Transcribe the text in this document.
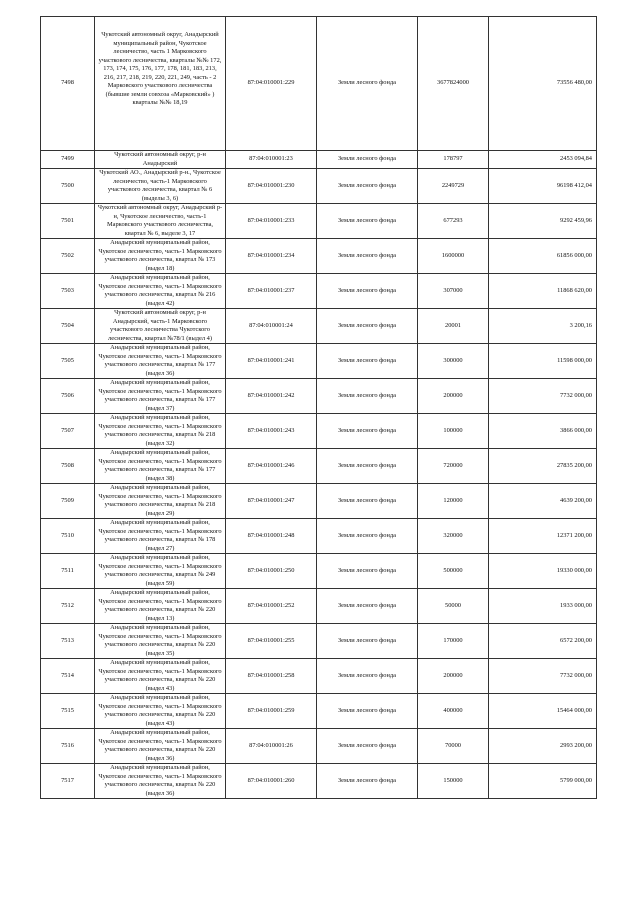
7498	Чукотский автономный округ, Анадырский муниципальный район, Чукотское лесничество, часть 1 Марковского участкового лесничества, кварталы №№ 172, 173, 174, 175, 176, 177, 178, 181, 183, 213, 216, 217, 218, 219, 220, 221, 249, часть - 2 Марковского участкового лесничества (бывшие земли совхоза «Марковский» ) кварталы №№ 18,19	87:04:010001:229	Земли лесного фонда	3677824000	73556 480,00
7499	Чукотский автономный округ, р-н Анадырский	87:04:010001:23	Земли лесного фонда	178797	2453 094,84
7500	Чукотский АО., Анадырский р-н., Чукотское лесничество, часть-1 Марковского участкового лесничества, квартал № 6 (выделы 3, 6)	87:04:010001:230	Земли лесного фонда	2249729	96198 412,04
7501	Чукотский автономный округ, Анадырский р-н, Чукотское лесничество, часть-1 Марковского участкового лесничества, квартал № 6, выделе 3, 17	87:04:010001:233	Земли лесного фонда	677293	9292 459,96
7502	Анадырский муниципальный район, Чукотское лесничество, часть-1 Марковского участкового лесничества, квартал № 173 (выдел 18)	87:04:010001:234	Земли лесного фонда	1600000	61856 000,00
7503	Анадырский муниципальный район, Чукотское лесничество, часть-1 Марковского участкового лесничества, квартал № 216 (выдел 42)	87:04:010001:237	Земли лесного фонда	307000	11868 620,00
7504	Чукотский автономный округ, р-н Анадырский, часть-1 Марковского участкового лесничества Чукотского лесничества, квартал №78/1 (выдел 4)	87:04:010001:24	Земли лесного фонда	20001	3 200,16
7505	Анадырский муниципальный район, Чукотское лесничество, часть-1 Марковского участкового лесничества, квартал № 177 (выдел 36)	87:04:010001:241	Земли лесного фонда	300000	11598 000,00
7506	Анадырский муниципальный район, Чукотское лесничество, часть-1 Марковского участкового лесничества, квартал № 177 (выдел 37)	87:04:010001:242	Земли лесного фонда	200000	7732 000,00
7507	Анадырский муниципальный район, Чукотское лесничество, часть-1 Марковского участкового лесничества, квартал № 218 (выдел 32)	87:04:010001:243	Земли лесного фонда	100000	3866 000,00
7508	Анадырский муниципальный район, Чукотское лесничество, часть-1 Марковского участкового лесничества, квартал № 177 (выдел 38)	87:04:010001:246	Земли лесного фонда	720000	27835 200,00
7509	Анадырский муниципальный район, Чукотское лесничество, часть-1 Марковского участкового лесничества, квартал № 218 (выдел 29)	87:04:010001:247	Земли лесного фонда	120000	4639 200,00
7510	Анадырский муниципальный район, Чукотское лесничество, часть-1 Марковского участкового лесничества, квартал № 178 (выдел 27)	87:04:010001:248	Земли лесного фонда	320000	12371 200,00
7511	Анадырский муниципальный район, Чукотское лесничество, часть-1 Марковского участкового лесничества, квартал № 249 (выдел 59)	87:04:010001:250	Земли лесного фонда	500000	19330 000,00
7512	Анадырский муниципальный район, Чукотское лесничество, часть-1 Марковского участкового лесничества, квартал № 220 (выдел 13)	87:04:010001:252	Земли лесного фонда	50000	1933 000,00
7513	Анадырский муниципальный район, Чукотское лесничество, часть-1 Марковского участкового лесничества, квартал № 220 (выдел 35)	87:04:010001:255	Земли лесного фонда	170000	6572 200,00
7514	Анадырский муниципальный район, Чукотское лесничество, часть-1 Марковского участкового лесничества, квартал № 220 (выдел 43)	87:04:010001:258	Земли лесного фонда	200000	7732 000,00
7515	Анадырский муниципальный район, Чукотское лесничество, часть-1 Марковского участкового лесничества, квартал № 220 (выдел 43)	87:04:010001:259	Земли лесного фонда	400000	15464 000,00
7516	Анадырский муниципальный район, Чукотское лесничество, часть-1 Марковского участкового лесничества, квартал № 220 (выдел 36)	87:04:010001:26	Земли лесного фонда	70000	2993 200,00
7517	Анадырский муниципальный район, Чукотское лесничество, часть-1 Марковского участкового лесничества, квартал № 220 (выдел 36)	87:04:010001:260	Земли лесного фонда	150000	5799 000,00
